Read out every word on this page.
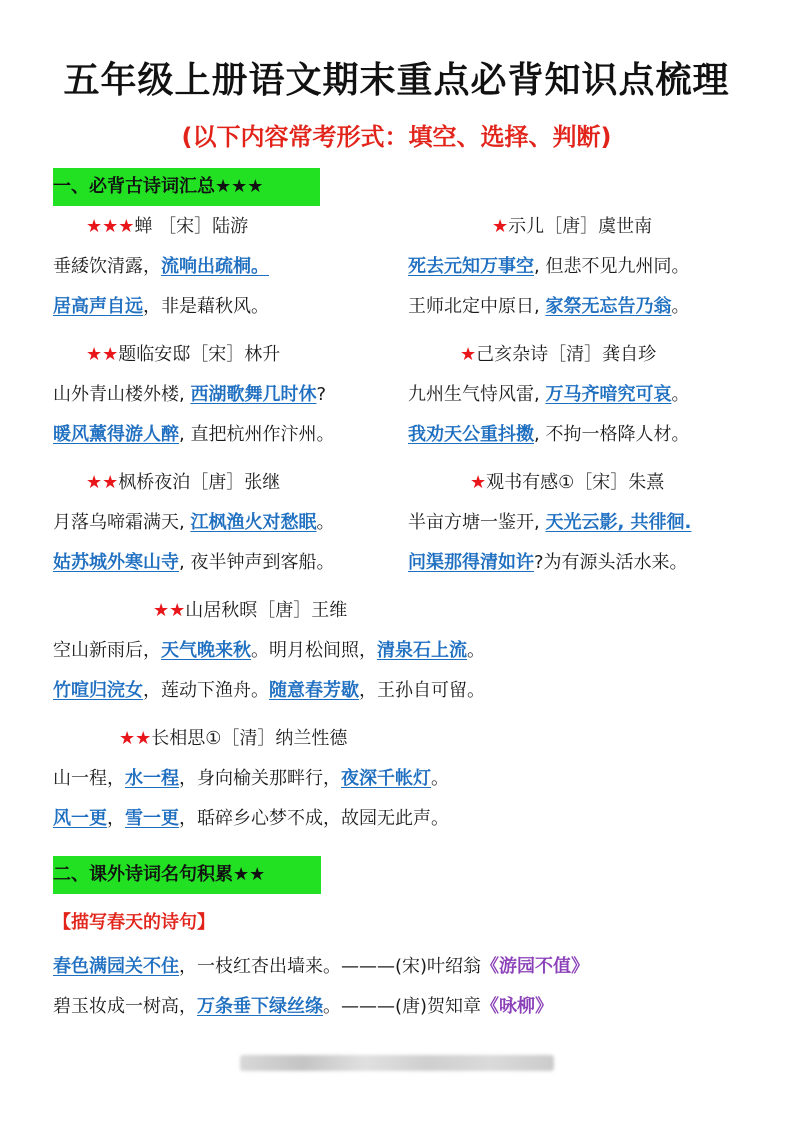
五年级上册语文期末重点必背知识点梳理
(以下内容常考形式：填空、选择、判断)
一、必背古诗词汇总★★★
★★★蝉 ［宋］陆游
垂緌饮清露，流响出疏桐。
居高声自远，非是藉秋风。
★示儿［唐］虞世南
死去元知万事空, 但悲不见九州同。
王师北定中原日, 家祭无忘告乃翁。
★★题临安邸［宋］林升
山外青山楼外楼, 西湖歌舞几时休?
暖风薰得游人醉, 直把杭州作汴州。
★己亥杂诗［清］龚自珍
九州生气恃风雷, 万马齐喑究可哀。
我劝天公重抖擞, 不拘一格降人材。
★★枫桥夜泊［唐］张继
月落乌啼霜满天, 江枫渔火对愁眠。
姑苏城外寒山寺, 夜半钟声到客船。
★观书有感①［宋］朱熹
半亩方塘一鉴开, 天光云影, 共徘徊.
问渠那得清如许?为有源头活水来。
★★山居秋暝［唐］王维
空山新雨后，天气晚来秋。明月松间照，清泉石上流。
竹喧归浣女，莲动下渔舟。随意春芳歇，王孙自可留。
★★长相思①［清］纳兰性德
山一程，水一程，身向榆关那畔行，夜深千帐灯。
风一更，雪一更，聒碎乡心梦不成，故园无此声。
二、课外诗词名句积累★★
【描写春天的诗句】
春色满园关不住，一枝红杏出墙来。———(宋)叶绍翁《游园不值》
碧玉妆成一树高，万条垂下绿丝绦。———(唐)贺知章《咏柳》
